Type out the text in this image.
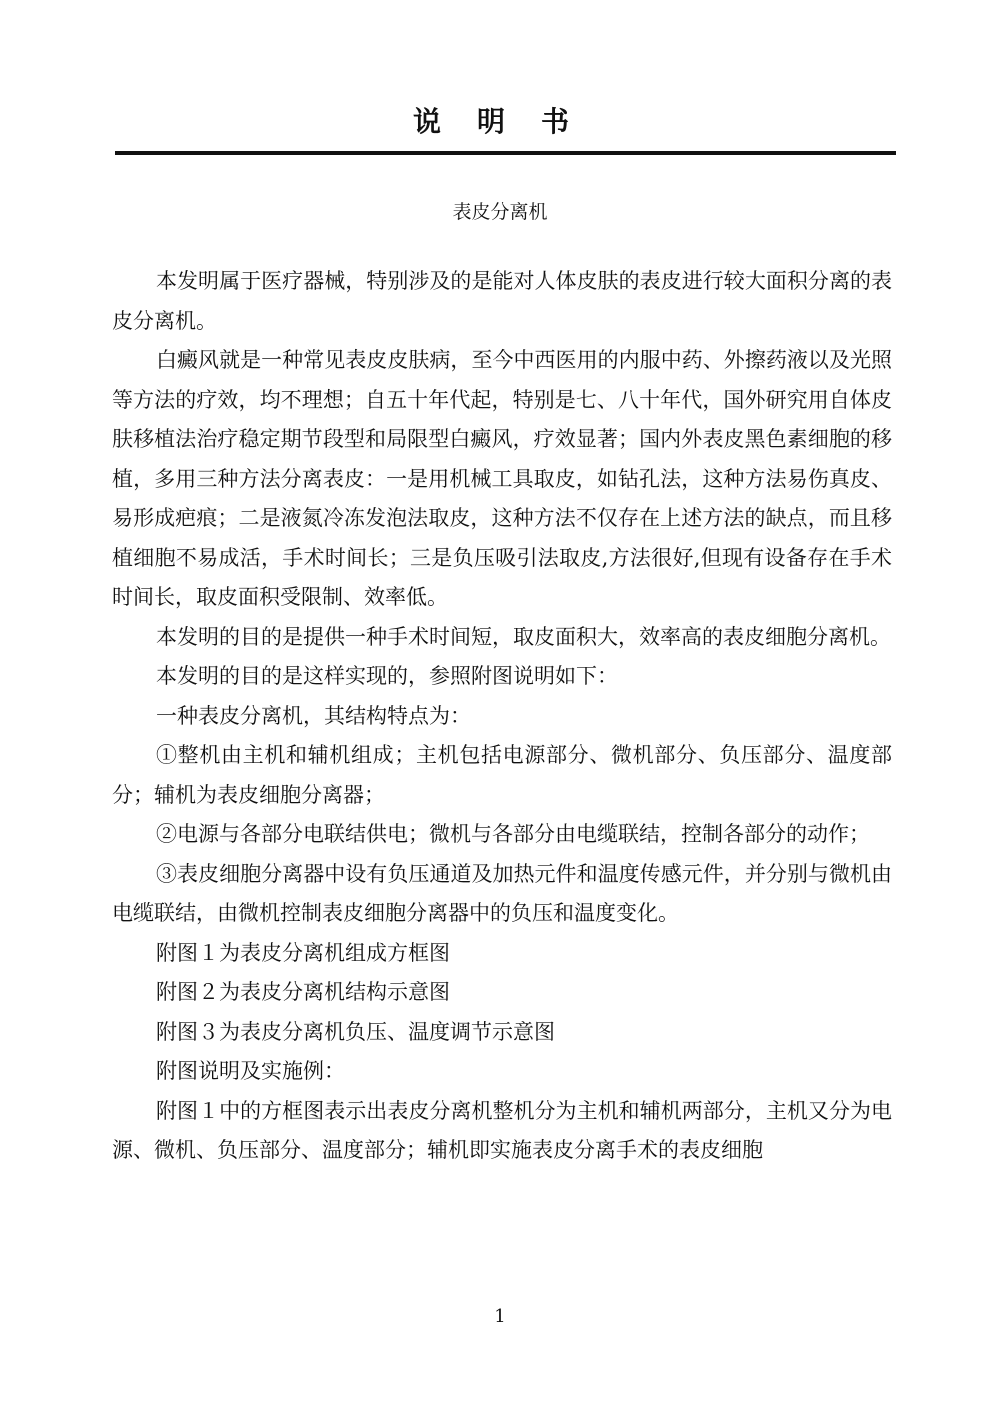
说明书
表皮分离机

本发明属于医疗器械，特别涉及的是能对人体皮肤的表皮进行较大面积分离的表皮分离机。

白癜风就是一种常见表皮皮肤病，至今中西医用的内服中药、外擦药液以及光照等方法的疗效，均不理想；自五十年代起，特别是七、八十年代，国外研究用自体皮肤移植法治疗稳定期节段型和局限型白癜风，疗效显著；国内外表皮黑色素细胞的移植，多用三种方法分离表皮：一是用机械工具取皮，如钻孔法，这种方法易伤真皮、易形成疤痕；二是液氮冷冻发泡法取皮，这种方法不仅存在上述方法的缺点，而且移植细胞不易成活，手术时间长；三是负压吸引法取皮,方法很好,但现有设备存在手术时间长，取皮面积受限制、效率低。

本发明的目的是提供一种手术时间短，取皮面积大，效率高的表皮细胞分离机。

本发明的目的是这样实现的，参照附图说明如下：

一种表皮分离机，其结构特点为：

①整机由主机和辅机组成；主机包括电源部分、微机部分、负压部分、温度部分；辅机为表皮细胞分离器；

②电源与各部分电联结供电；微机与各部分由电缆联结，控制各部分的动作；

③表皮细胞分离器中设有负压通道及加热元件和温度传感元件，并分别与微机由电缆联结，由微机控制表皮细胞分离器中的负压和温度变化。

附图１为表皮分离机组成方框图

附图２为表皮分离机结构示意图

附图３为表皮分离机负压、温度调节示意图

附图说明及实施例：

附图１中的方框图表示出表皮分离机整机分为主机和辅机两部分，主机又分为电源、微机、负压部分、温度部分；辅机即实施表皮分离手术的表皮细胞

1
